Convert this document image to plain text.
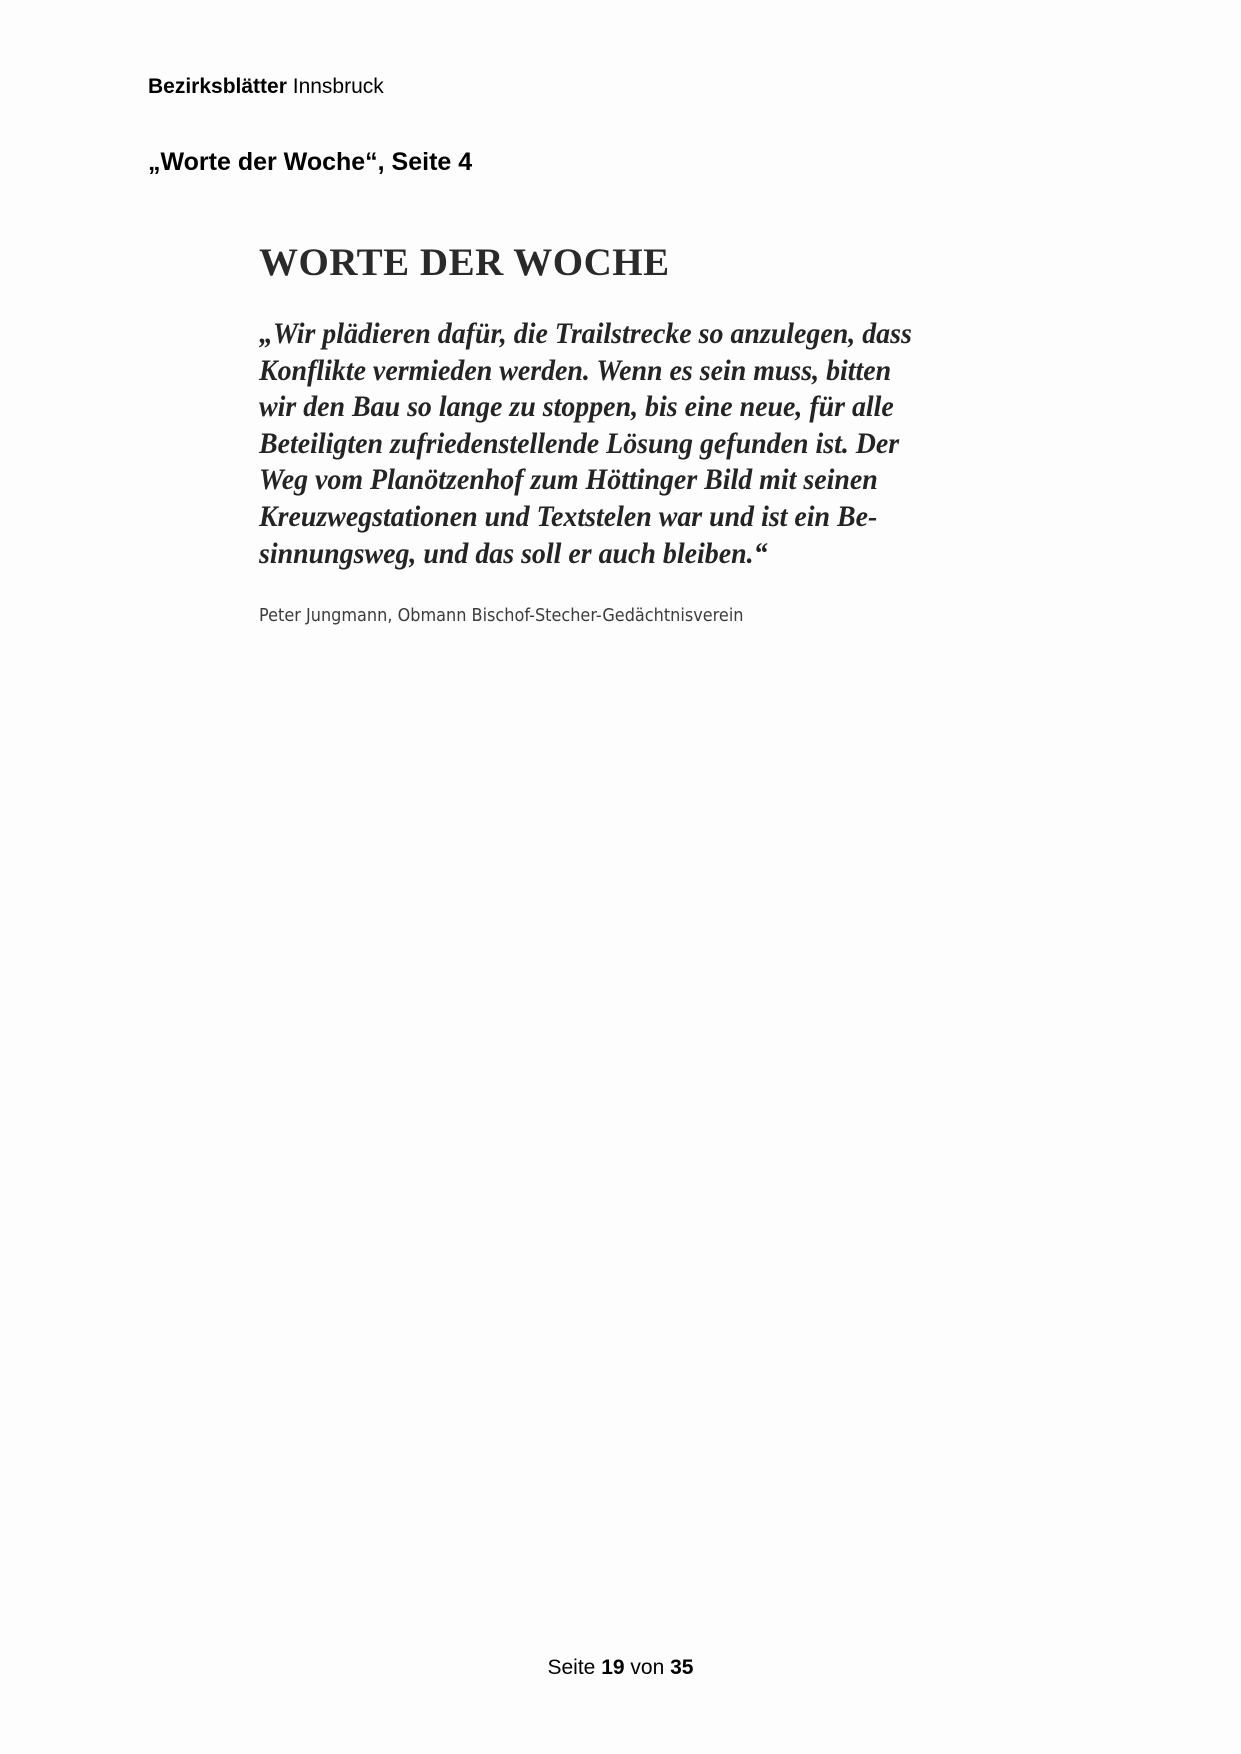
Bezirksblätter Innsbruck
„Worte der Woche“, Seite 4
WORTE DER WOCHE
„Wir plädieren dafür, die Trailstrecke so anzulegen, dass
Konflikte vermieden werden. Wenn es sein muss, bitten
wir den Bau so lange zu stoppen, bis eine neue, für alle
Beteiligten zufriedenstellende Lösung gefunden ist. Der
Weg vom Planötzenhof zum Höttinger Bild mit seinen
Kreuzwegstationen und Textstelen war und ist ein Be-
sinnungsweg, und das soll er auch bleiben.“
Peter Jungmann, Obmann Bischof-Stecher-Gedächtnisverein
Seite 19 von 35
